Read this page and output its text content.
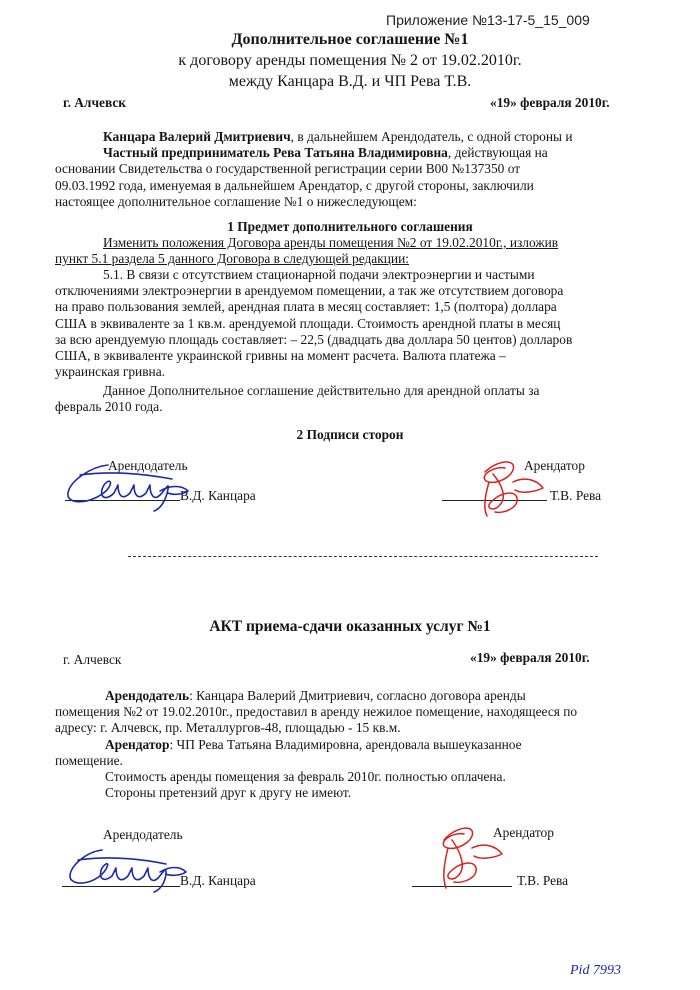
Приложение №13-17-5_15_009
Дополнительное соглашение №1
к договору аренды помещения № 2 от 19.02.2010г.
между Канцара В.Д. и ЧП Рева Т.В.
г. Алчевск	«19» февраля 2010г.
Канцара Валерий Дмитриевич, в дальнейшем Арендодатель, с одной стороны и
Частный предприниматель Рева Татьяна Владимировна, действующая на
основании Свидетельства о государственной регистрации серии В00 №137350 от
09.03.1992 года, именуемая в дальнейшем Арендатор, с другой стороны, заключили
настоящее дополнительное соглашение №1 о нижеследующем:
1 Предмет дополнительного соглашения
Изменить положения Договора аренды помещения №2 от 19.02.2010г., изложив
пункт 5.1 раздела 5 данного Договора в следующей редакции:
5.1. В связи с отсутствием стационарной подачи электроэнергии и частыми
отключениями электроэнергии в арендуемом помещении, а так же отсутствием договора
на право пользования землей, арендная плата в месяц составляет: 1,5 (полтора) доллара
США в эквиваленте за 1 кв.м. арендуемой площади. Стоимость арендной платы в месяц
за всю арендуемую площадь составляет: – 22,5 (двадцать два доллара 50 центов) долларов
США, в эквиваленте украинской гривны на момент расчета. Валюта платежа –
украинская гривна.
Данное Дополнительное соглашение действительно для арендной оплаты за
февраль 2010 года.
2 Подписи сторон
Арендодатель
В.Д. Канцара
Арендатор
Т.В. Рева
АКТ приема-сдачи оказанных услуг №1
г. Алчевск	«19» февраля 2010г.
Арендодатель: Канцара Валерий Дмитриевич, согласно договора аренды
помещения №2 от 19.02.2010г., предоставил в аренду нежилое помещение, находящееся по
адресу: г. Алчевск, пр. Металлургов-48, площадью - 15 кв.м.
Арендатор: ЧП Рева Татьяна Владимировна, арендовала вышеуказанное
помещение.
Стоимость аренды помещения за февраль 2010г. полностью оплачена.
Стороны претензий друг к другу не имеют.
Арендодатель
В.Д. Канцара
Арендатор
Т.В. Рева
Pid 7993
